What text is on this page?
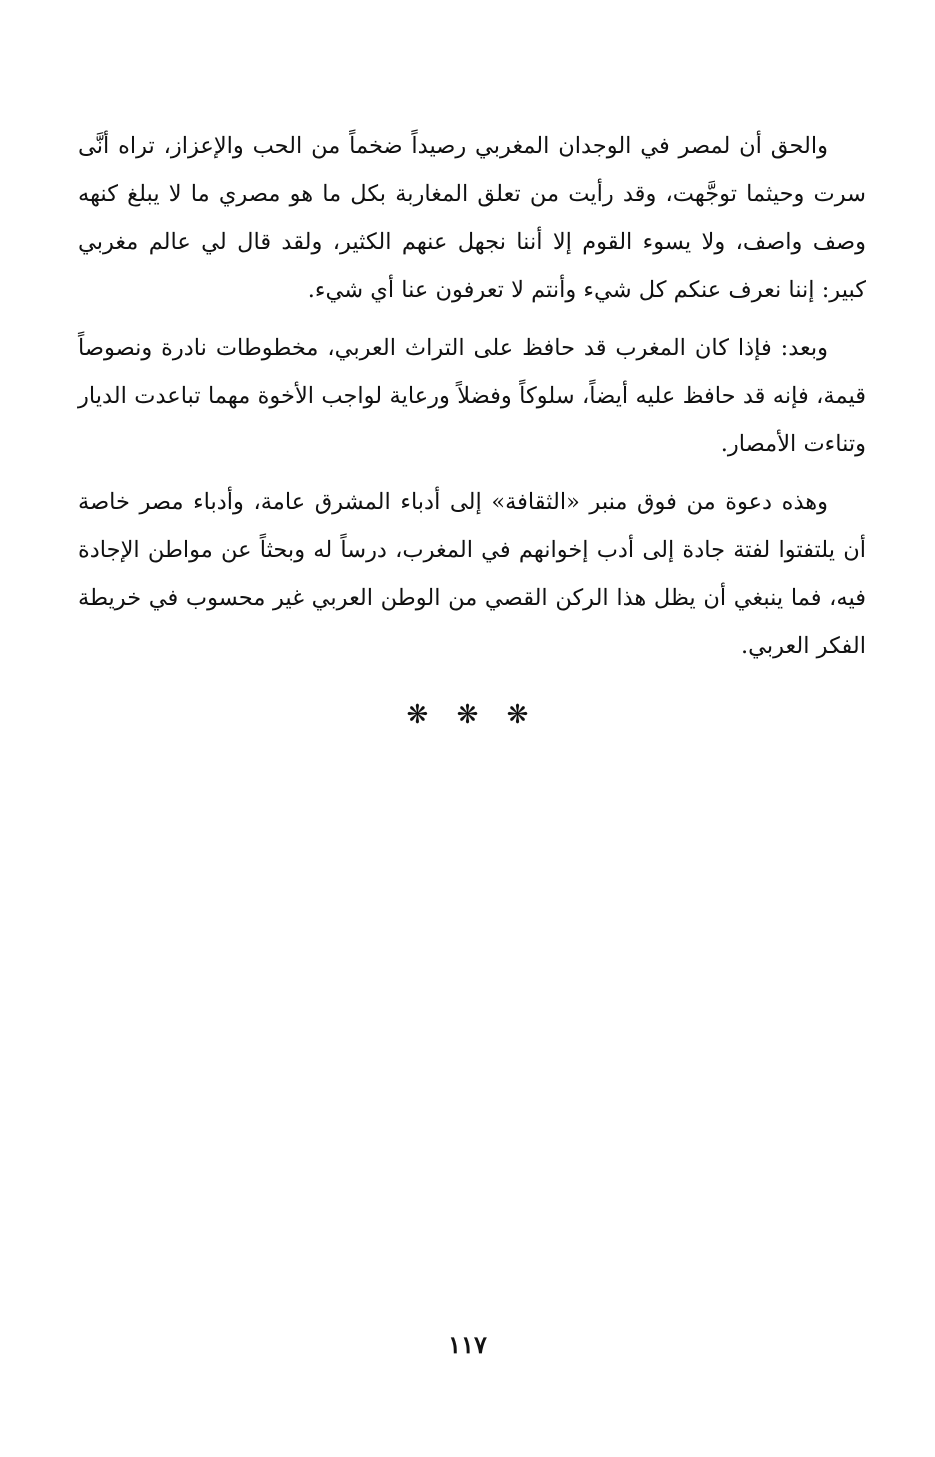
والحق أن لمصر في الوجدان المغربي رصيداً ضخماً من الحب والإعزاز، تراه أنَّى سرت وحيثما توجَّهت، وقد رأيت من تعلق المغاربة بكل ما هو مصري ما لا يبلغ كنهه وصف واصف، ولا يسوء القوم إلا أننا نجهل عنهم الكثير، ولقد قال لي عالم مغربي كبير: إننا نعرف عنكم كل شيء وأنتم لا تعرفون عنا أي شيء.

وبعد: فإذا كان المغرب قد حافظ على التراث العربي، مخطوطات نادرة ونصوصاً قيمة، فإنه قد حافظ عليه أيضاً، سلوكاً وفضلاً ورعاية لواجب الأخوة مهما تباعدت الديار وتناءت الأمصار.

وهذه دعوة من فوق منبر «الثقافة» إلى أدباء المشرق عامة، وأدباء مصر خاصة أن يلتفتوا لفتة جادة إلى أدب إخوانهم في المغرب، درساً له وبحثاً عن مواطن الإجادة فيه، فما ينبغي أن يظل هذا الركن القصي من الوطن العربي غير محسوب في خريطة الفكر العربي.

❋ ❋ ❋
١١٧
